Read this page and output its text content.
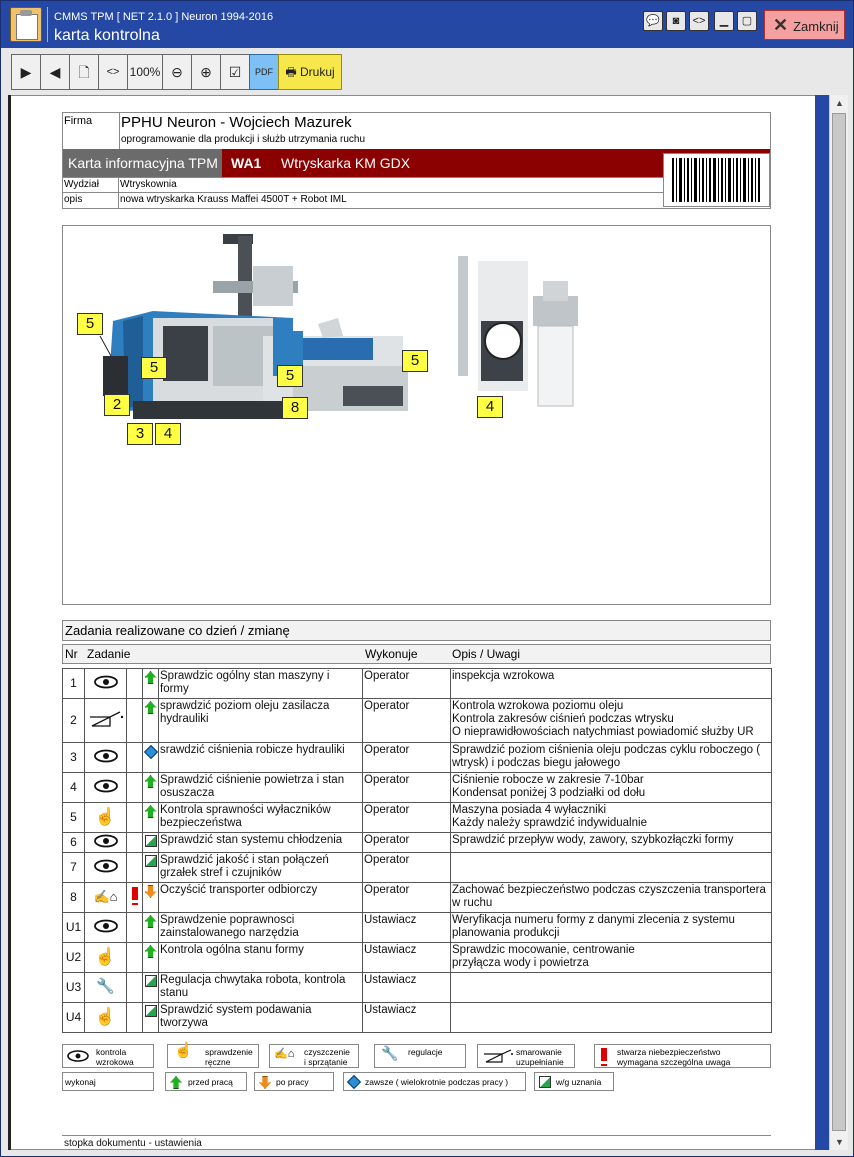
CMMS TPM [ NET 2.1.0 ] Neuron 1994-2016
karta kontrolna
💬	◙	<>	▁	▢	✕ Zamknij
▶	◀	🗋	<> 100% ⊖	⊕	☑	PDF	🖶 Drukuj
▲
▼
Firma PPHU Neuron - Wojciech Mazurek
oprogramowanie dla produkcji i służb utrzymania ruchu
Karta informacyjna TPM WA1 Wtryskarka KM GDX
Wydział Wtryskownia
opis	nowa wtryskarka Krauss Maffei 4500T + Robot IML
5
5	5
5
2
3	4
8	4
Zadania realizowane co dzień / zmianę
Nr Zadanie	Wykonuje	Opis / Uwagi
1				Sprawdzic ogólny stan maszyny i formy	Operator	inspekcja wzrokowa
2				sprawdzić poziom oleju zasilacza hydrauliki	Operator	Kontrola wzrokowa poziomu oleju
Kontrola zakresów ciśnień podczas wtrysku
O nieprawidłowościach natychmiast powiadomić służby UR
3				srawdzić ciśnienia robicze hydrauliki	Operator	Sprawdzić poziom ciśnienia oleju podczas cyklu roboczego ( wtrysk) i podczas biegu jałowego
4				Sprawdzić ciśnienie powietrza i stan osuszacza	Operator	Ciśnienie robocze w zakresie 7-10bar
Kondensat poniżej 3 podziałki od dołu
5	☝			Kontrola sprawności wyłaczników bezpieczeństwa	Operator	Maszyna posiada 4 wyłaczniki
Każdy należy sprawdzić indywidualnie
6				Sprawdzić stan systemu chłodzenia	Operator	Sprawdzić przepływ wody, zawory, szybkozłączki formy
7				Sprawdzić jakość i stan połączeń grzałek stref i czujników	Operator	
8	✍⌂			Oczyścić transporter odbiorczy	Operator	Zachować bezpieczeństwo podczas czyszczenia transportera w ruchu
U1				Sprawdzenie poprawnosci zainstalowanego narzędzia	Ustawiacz	Weryfikacja numeru formy z danymi zlecenia z systemu planowania produkcji
U2	☝			Kontrola ogólna stanu formy	Ustawiacz	Sprawdzic mocowanie, centrowanie
przyłącza wody i powietrza
U3	🔧			Regulacja chwytaka robota, kontrola stanu	Ustawiacz	
U4	☝			Sprawdzić system podawania tworzywa	Ustawiacz	
kontrola
wzrokowa
☝ sprawdzenie
ręczne
✍⌂ czyszczenie
i sprzątanie
🔧 regulacje	smarowanie
uzupełnianie
stwarza niebezpieczeństwo
wymagana szczególna uwaga
wykonaj	przed pracą	po pracy	zawsze ( wielokrotnie podczas pracy )	w/g uznania
stopka dokumentu - ustawienia
